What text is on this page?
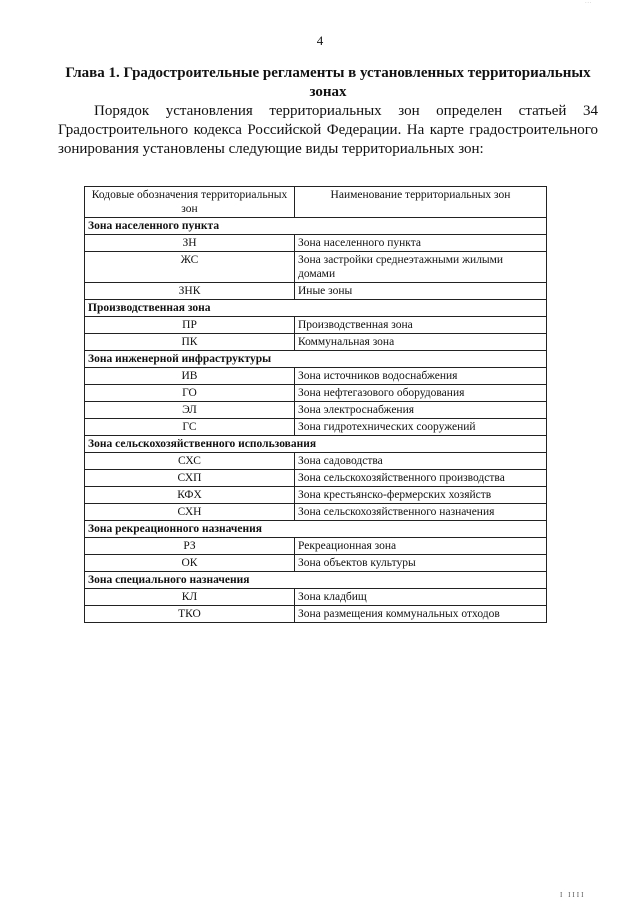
...
4
Глава 1. Градостроительные регламенты в установленных территориальных зонах
Порядок установления территориальных зон определен статьей 34 Градостроительного кодекса Российской Федерации. На карте градостроительного зонирования установлены следующие виды территориальных зон:
Кодовые обозначения территориальных зон	Наименование территориальных зон
Зона населенного пункта	
ЗН	Зона населенного пункта
ЖС	Зона застройки среднеэтажными жилыми домами
ЗНК	Иные зоны
Производственная зона	
ПР	Производственная зона
ПК	Коммунальная зона
Зона инженерной инфраструктуры	
ИВ	Зона источников водоснабжения
ГО	Зона нефтегазового оборудования
ЭЛ	Зона электроснабжения
ГС	Зона гидротехнических сооружений
Зона сельскохозяйственного использования	
СХС	Зона садоводства
СХП	Зона сельскохозяйственного производства
КФХ	Зона крестьянско-фермерских хозяйств
СХН	Зона сельскохозяйственного назначения
Зона рекреационного назначения	
РЗ	Рекреационная зона
ОК	Зона объектов культуры
Зона специального назначения	
КЛ	Зона кладбищ
ТКО	Зона размещения коммунальных отходов
I IIII
